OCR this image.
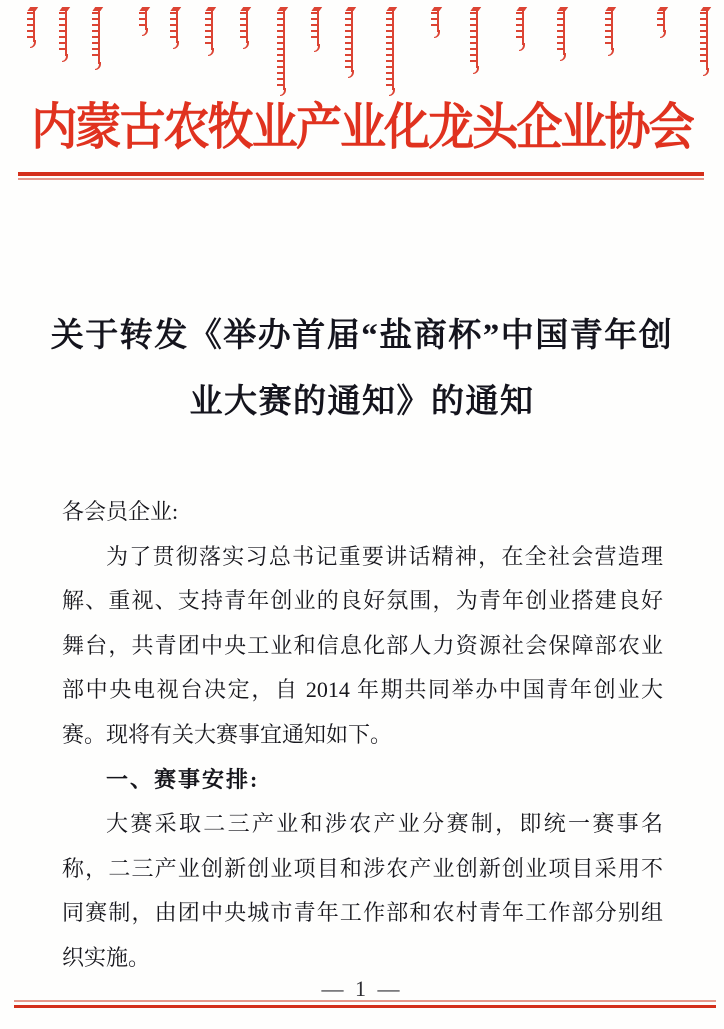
内蒙古农牧业产业化龙头企业协会
关于转发《举办首届“盐商杯”中国青年创
业大赛的通知》的通知
各会员企业:
为了贯彻落实习总书记重要讲话精神，在全社会营造理
解、重视、支持青年创业的良好氛围，为青年创业搭建良好
舞台，共青团中央工业和信息化部人力资源社会保障部农业
部中央电视台决定，自 2014 年期共同举办中国青年创业大
赛。现将有关大赛事宜通知如下。
一、赛事安排:
大赛采取二三产业和涉农产业分赛制，即统一赛事名
称，二三产业创新创业项目和涉农产业创新创业项目采用不
同赛制，由团中央城市青年工作部和农村青年工作部分别组
织实施。
— 1 —
